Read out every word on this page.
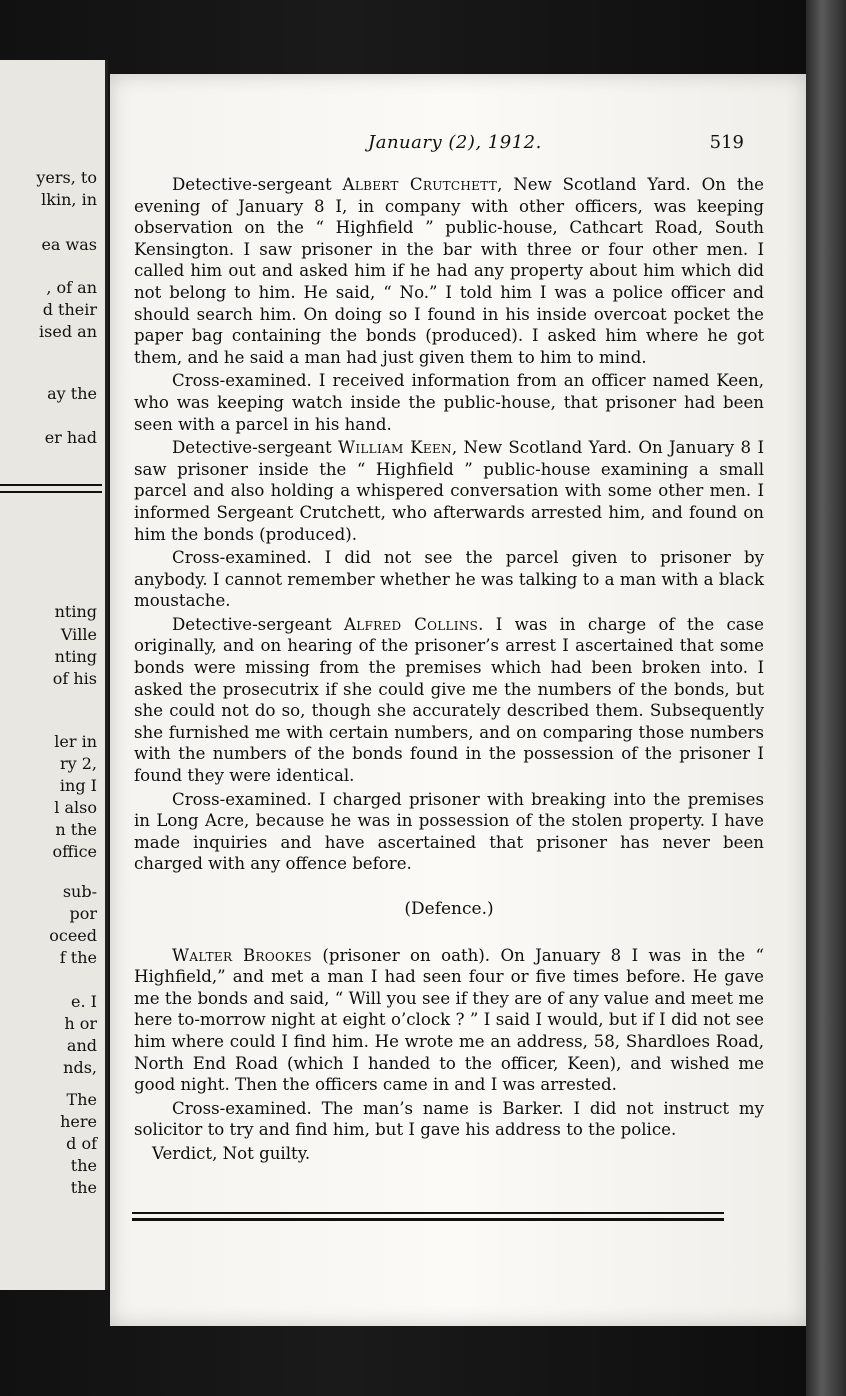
yers, to
lkin, in
ea was
, of an
d their
ised an
ay the
er had
nting
Ville
nting
of his
ler in
ry 2,
ing I
l also
n the
office
sub-
por
oceed
f the
e. I
h or
and
nds,
The
here
d of
the
the
January (2), 1912.	519

Detective-sergeant Albert Crutchett, New Scotland Yard. On the evening of January 8 I, in company with other officers, was keeping observation on the “ Highfield ” public-house, Cathcart Road, South Kensington. I saw prisoner in the bar with three or four other men. I called him out and asked him if he had any property about him which did not belong to him. He said, “ No.” I told him I was a police officer and should search him. On doing so I found in his inside overcoat pocket the paper bag containing the bonds (produced). I asked him where he got them, and he said a man had just given them to him to mind.

Cross-examined. I received information from an officer named Keen, who was keeping watch inside the public-house, that prisoner had been seen with a parcel in his hand.

Detective-sergeant William Keen, New Scotland Yard. On January 8 I saw prisoner inside the “ Highfield ” public-house examining a small parcel and also holding a whispered conversation with some other men. I informed Sergeant Crutchett, who afterwards arrested him, and found on him the bonds (produced).

Cross-examined. I did not see the parcel given to prisoner by anybody. I cannot remember whether he was talking to a man with a black moustache.

Detective-sergeant Alfred Collins. I was in charge of the case originally, and on hearing of the prisoner’s arrest I ascertained that some bonds were missing from the premises which had been broken into. I asked the prosecutrix if she could give me the numbers of the bonds, but she could not do so, though she accurately described them. Subsequently she furnished me with certain numbers, and on comparing those numbers with the numbers of the bonds found in the possession of the prisoner I found they were identical.

Cross-examined. I charged prisoner with breaking into the premises in Long Acre, because he was in possession of the stolen property. I have made inquiries and have ascertained that prisoner has never been charged with any offence before.

(Defence.)

Walter Brookes (prisoner on oath). On January 8 I was in the “ Highfield,” and met a man I had seen four or five times before. He gave me the bonds and said, “ Will you see if they are of any value and meet me here to-morrow night at eight o’clock ? ” I said I would, but if I did not see him where could I find him. He wrote me an address, 58, Shardloes Road, North End Road (which I handed to the officer, Keen), and wished me good night. Then the officers came in and I was arrested.

Cross-examined. The man’s name is Barker. I did not instruct my solicitor to try and find him, but I gave his address to the police.

Verdict, Not guilty.
